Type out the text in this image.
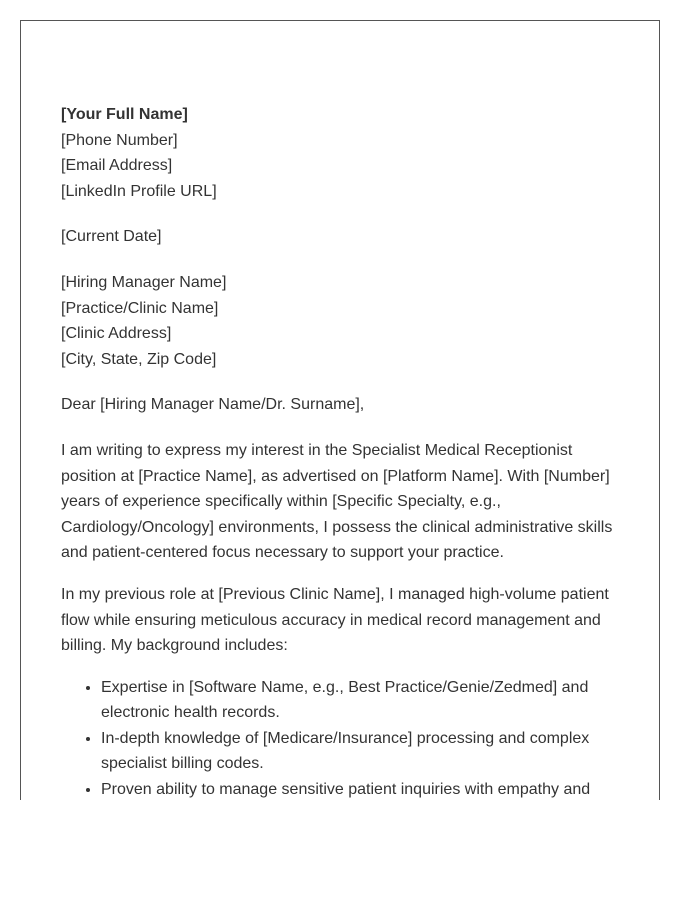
[Your Full Name]
[Phone Number]
[Email Address]
[LinkedIn Profile URL]
[Current Date]
[Hiring Manager Name]
[Practice/Clinic Name]
[Clinic Address]
[City, State, Zip Code]
Dear [Hiring Manager Name/Dr. Surname],

I am writing to express my interest in the Specialist Medical Receptionist position at [Practice Name], as advertised on [Platform Name]. With [Number] years of experience specifically within [Specific Specialty, e.g., Cardiology/Oncology] environments, I possess the clinical administrative skills and patient-centered focus necessary to support your practice.

In my previous role at [Previous Clinic Name], I managed high-volume patient flow while ensuring meticulous accuracy in medical record management and billing. My background includes:

• Expertise in [Software Name, e.g., Best Practice/Genie/Zedmed] and electronic health records.
• In-depth knowledge of [Medicare/Insurance] processing and complex specialist billing codes.
• Proven ability to manage sensitive patient inquiries with empathy and
